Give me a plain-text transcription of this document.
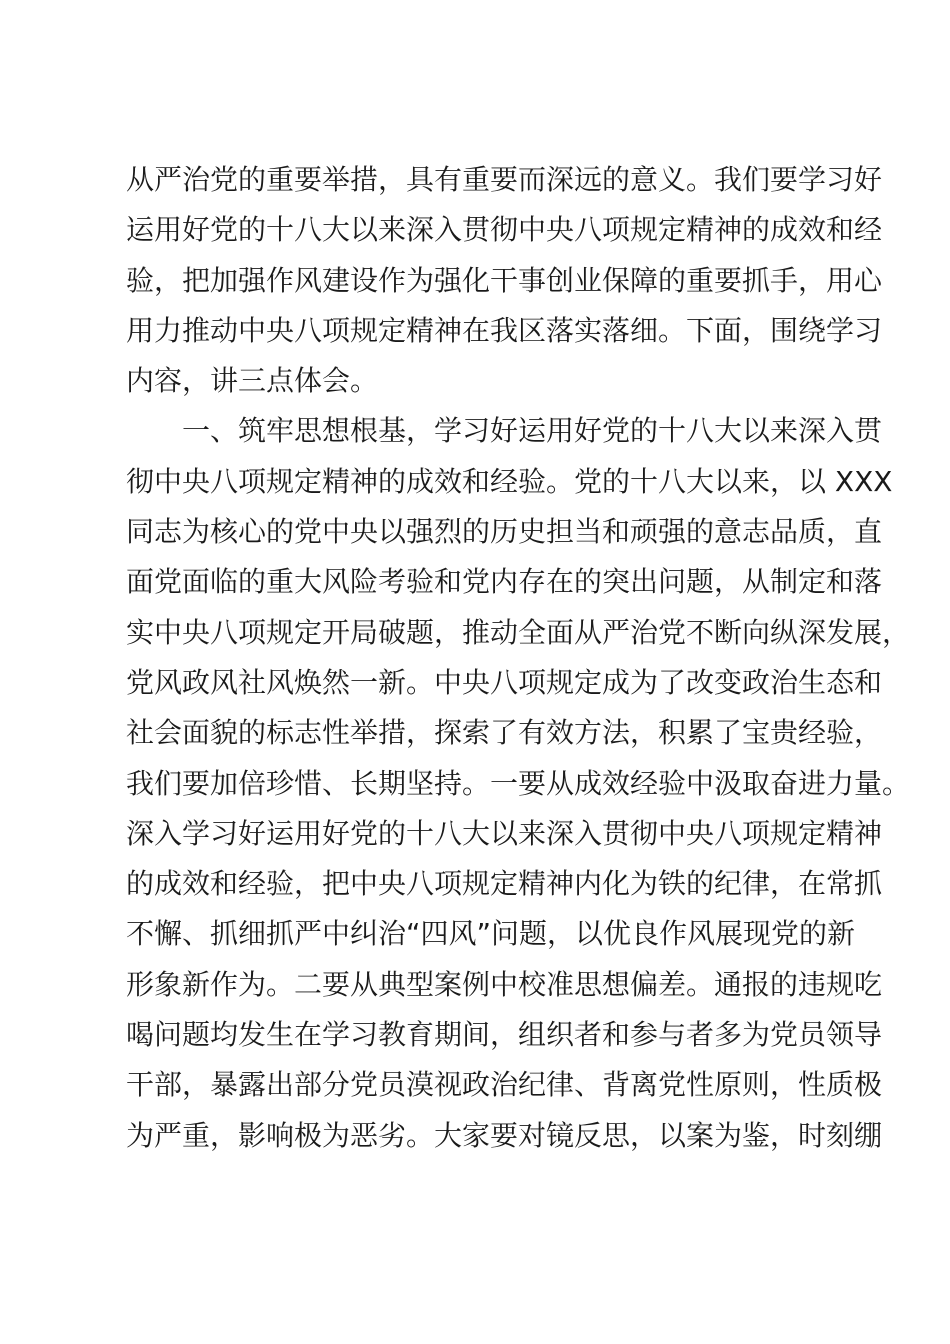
从严治党的重要举措，具有重要而深远的意义。我们要学习好
运用好党的十八大以来深入贯彻中央八项规定精神的成效和经
验，把加强作风建设作为强化干事创业保障的重要抓手，用心
用力推动中央八项规定精神在我区落实落细。下面，围绕学习
内容，讲三点体会。
一、筑牢思想根基，学习好运用好党的十八大以来深入贯
彻中央八项规定精神的成效和经验。党的十八大以来，以 XXX
同志为核心的党中央以强烈的历史担当和顽强的意志品质，直
面党面临的重大风险考验和党内存在的突出问题，从制定和落
实中央八项规定开局破题，推动全面从严治党不断向纵深发展，
党风政风社风焕然一新。中央八项规定成为了改变政治生态和
社会面貌的标志性举措，探索了有效方法，积累了宝贵经验，
我们要加倍珍惜、长期坚持。一要从成效经验中汲取奋进力量。
深入学习好运用好党的十八大以来深入贯彻中央八项规定精神
的成效和经验，把中央八项规定精神内化为铁的纪律，在常抓
不懈、抓细抓严中纠治“四风”问题，以优良作风展现党的新
形象新作为。二要从典型案例中校准思想偏差。通报的违规吃
喝问题均发生在学习教育期间，组织者和参与者多为党员领导
干部，暴露出部分党员漠视政治纪律、背离党性原则，性质极
为严重，影响极为恶劣。大家要对镜反思，以案为鉴，时刻绷
